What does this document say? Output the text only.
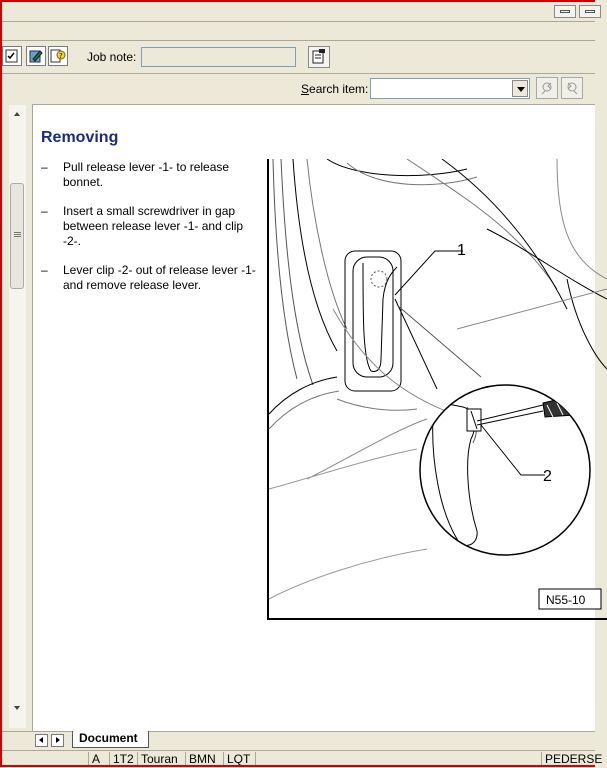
? Job note:
Search item:
Removing
– Pull release lever -1- to release bonnet.
– Insert a small screwdriver in gap between release lever -1- and clip -2-.
– Lever clip -2- out of release lever -1- and remove release lever.
1
2
N55-10
Document
A	1T2 Touran BMN LQT	PEDERSE
